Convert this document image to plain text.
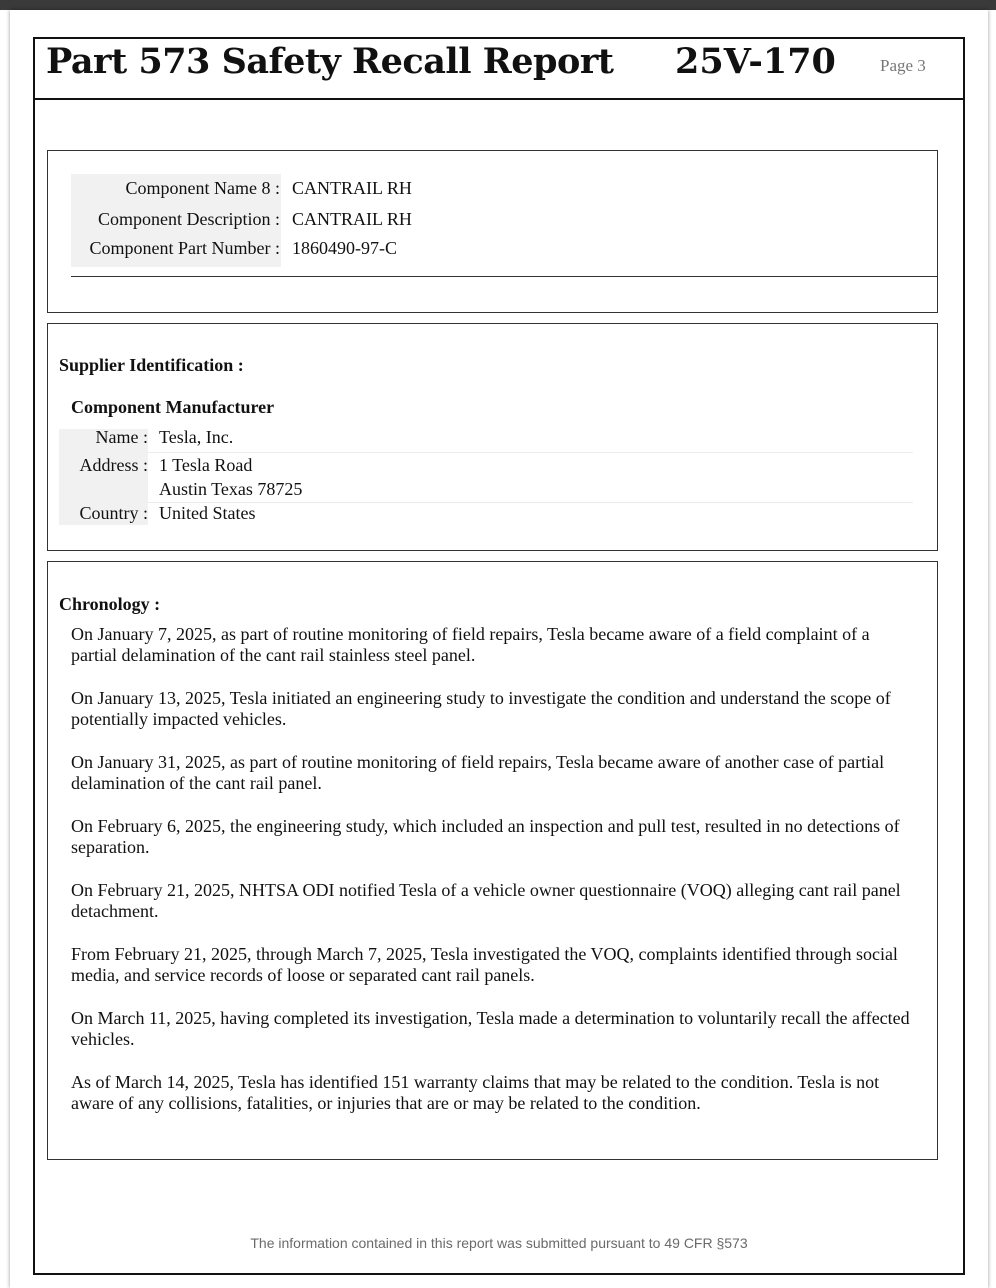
Part 573 Safety Recall Report 25V-170	Page 3
Component Name 8 : CANTRAIL RH
Component Description : CANTRAIL RH
Component Part Number : 1860490-97-C
Supplier Identification :
Component Manufacturer
Name : Tesla, Inc.
Address : 1 Tesla Road
Austin Texas 78725
Country : United States
Chronology :
On January 7, 2025, as part of routine monitoring of field repairs, Tesla became aware of a field complaint of a partial delamination of the cant rail stainless steel panel.
On January 13, 2025, Tesla initiated an engineering study to investigate the condition and understand the scope of potentially impacted vehicles.
On January 31, 2025, as part of routine monitoring of field repairs, Tesla became aware of another case of partial delamination of the cant rail panel.
On February 6, 2025, the engineering study, which included an inspection and pull test, resulted in no detections of separation.
On February 21, 2025, NHTSA ODI notified Tesla of a vehicle owner questionnaire (VOQ) alleging cant rail panel detachment.
From February 21, 2025, through March 7, 2025, Tesla investigated the VOQ, complaints identified through social media, and service records of loose or separated cant rail panels.
On March 11, 2025, having completed its investigation, Tesla made a determination to voluntarily recall the affected vehicles.
As of March 14, 2025, Tesla has identified 151 warranty claims that may be related to the condition. Tesla is not aware of any collisions, fatalities, or injuries that are or may be related to the condition.
The information contained in this report was submitted pursuant to 49 CFR §573
